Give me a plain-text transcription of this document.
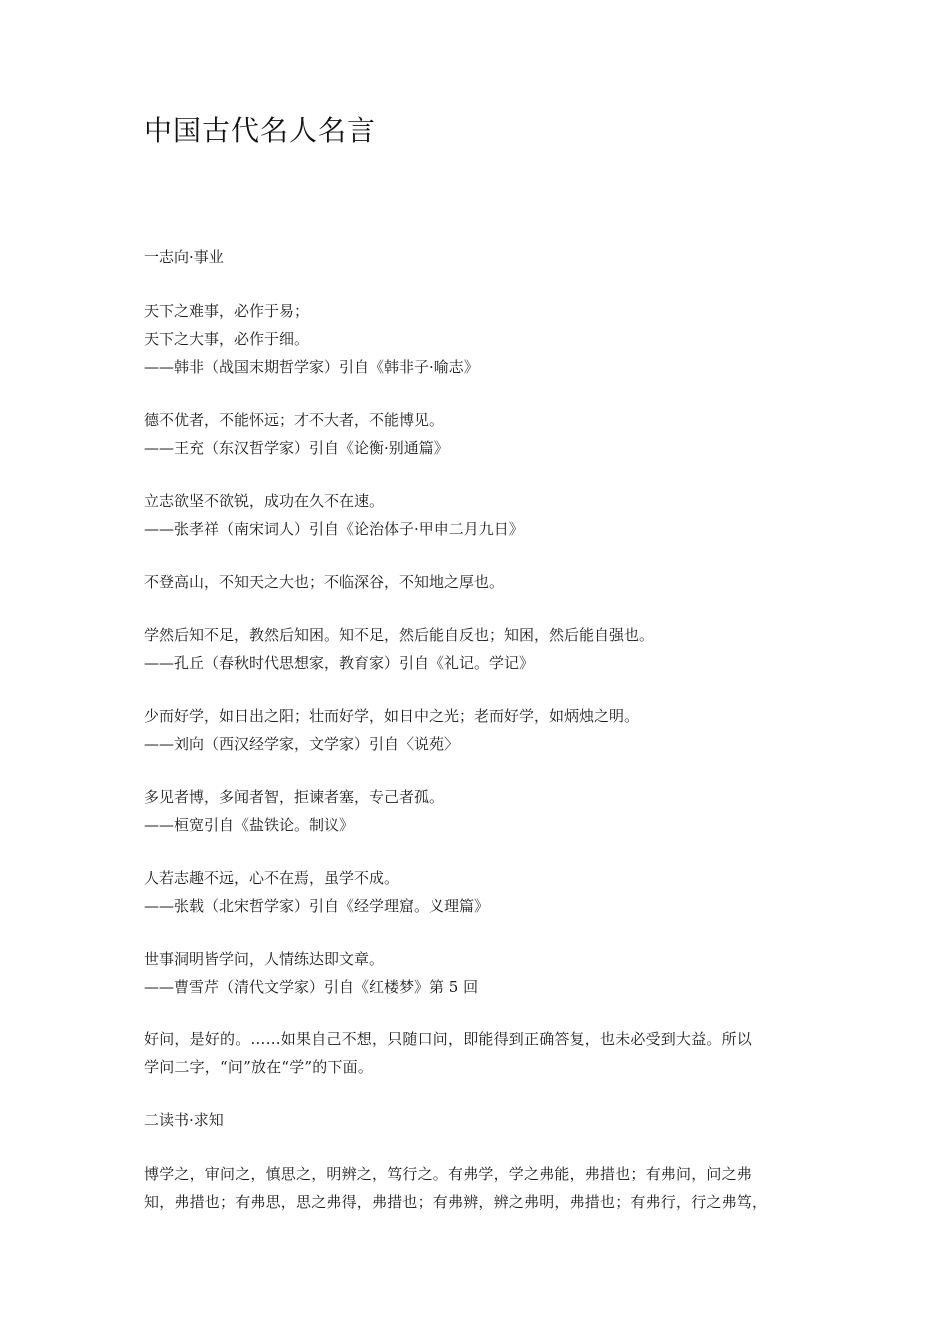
中国古代名人名言
一志向·事业
天下之难事，必作于易；
天下之大事，必作于细。
——韩非（战国末期哲学家）引自《韩非子·喻志》
德不优者，不能怀远；才不大者，不能博见。
——王充（东汉哲学家）引自《论衡·别通篇》
立志欲坚不欲锐，成功在久不在速。
——张孝祥（南宋词人）引自《论治体子·甲申二月九日》
不登高山，不知天之大也；不临深谷，不知地之厚也。
学然后知不足，教然后知困。知不足，然后能自反也；知困，然后能自强也。
——孔丘（春秋时代思想家，教育家）引自《礼记。学记》
少而好学，如日出之阳；壮而好学，如日中之光；老而好学，如炳烛之明。
——刘向（西汉经学家，文学家）引自〈说苑〉
多见者博，多闻者智，拒谏者塞，专己者孤。
——桓宽引自《盐铁论。制议》
人若志趣不远，心不在焉，虽学不成。
——张载（北宋哲学家）引自《经学理窟。义理篇》
世事洞明皆学问，人情练达即文章。
——曹雪芹（清代文学家）引自《红楼梦》第 5 回
好问，是好的。……如果自己不想，只随口问，即能得到正确答复，也未必受到大益。所以
学问二字，“问”放在“学”的下面。
二读书·求知
博学之，审问之，慎思之，明辨之，笃行之。有弗学，学之弗能，弗措也；有弗问，问之弗
知，弗措也；有弗思，思之弗得，弗措也；有弗辨，辨之弗明，弗措也；有弗行，行之弗笃，
